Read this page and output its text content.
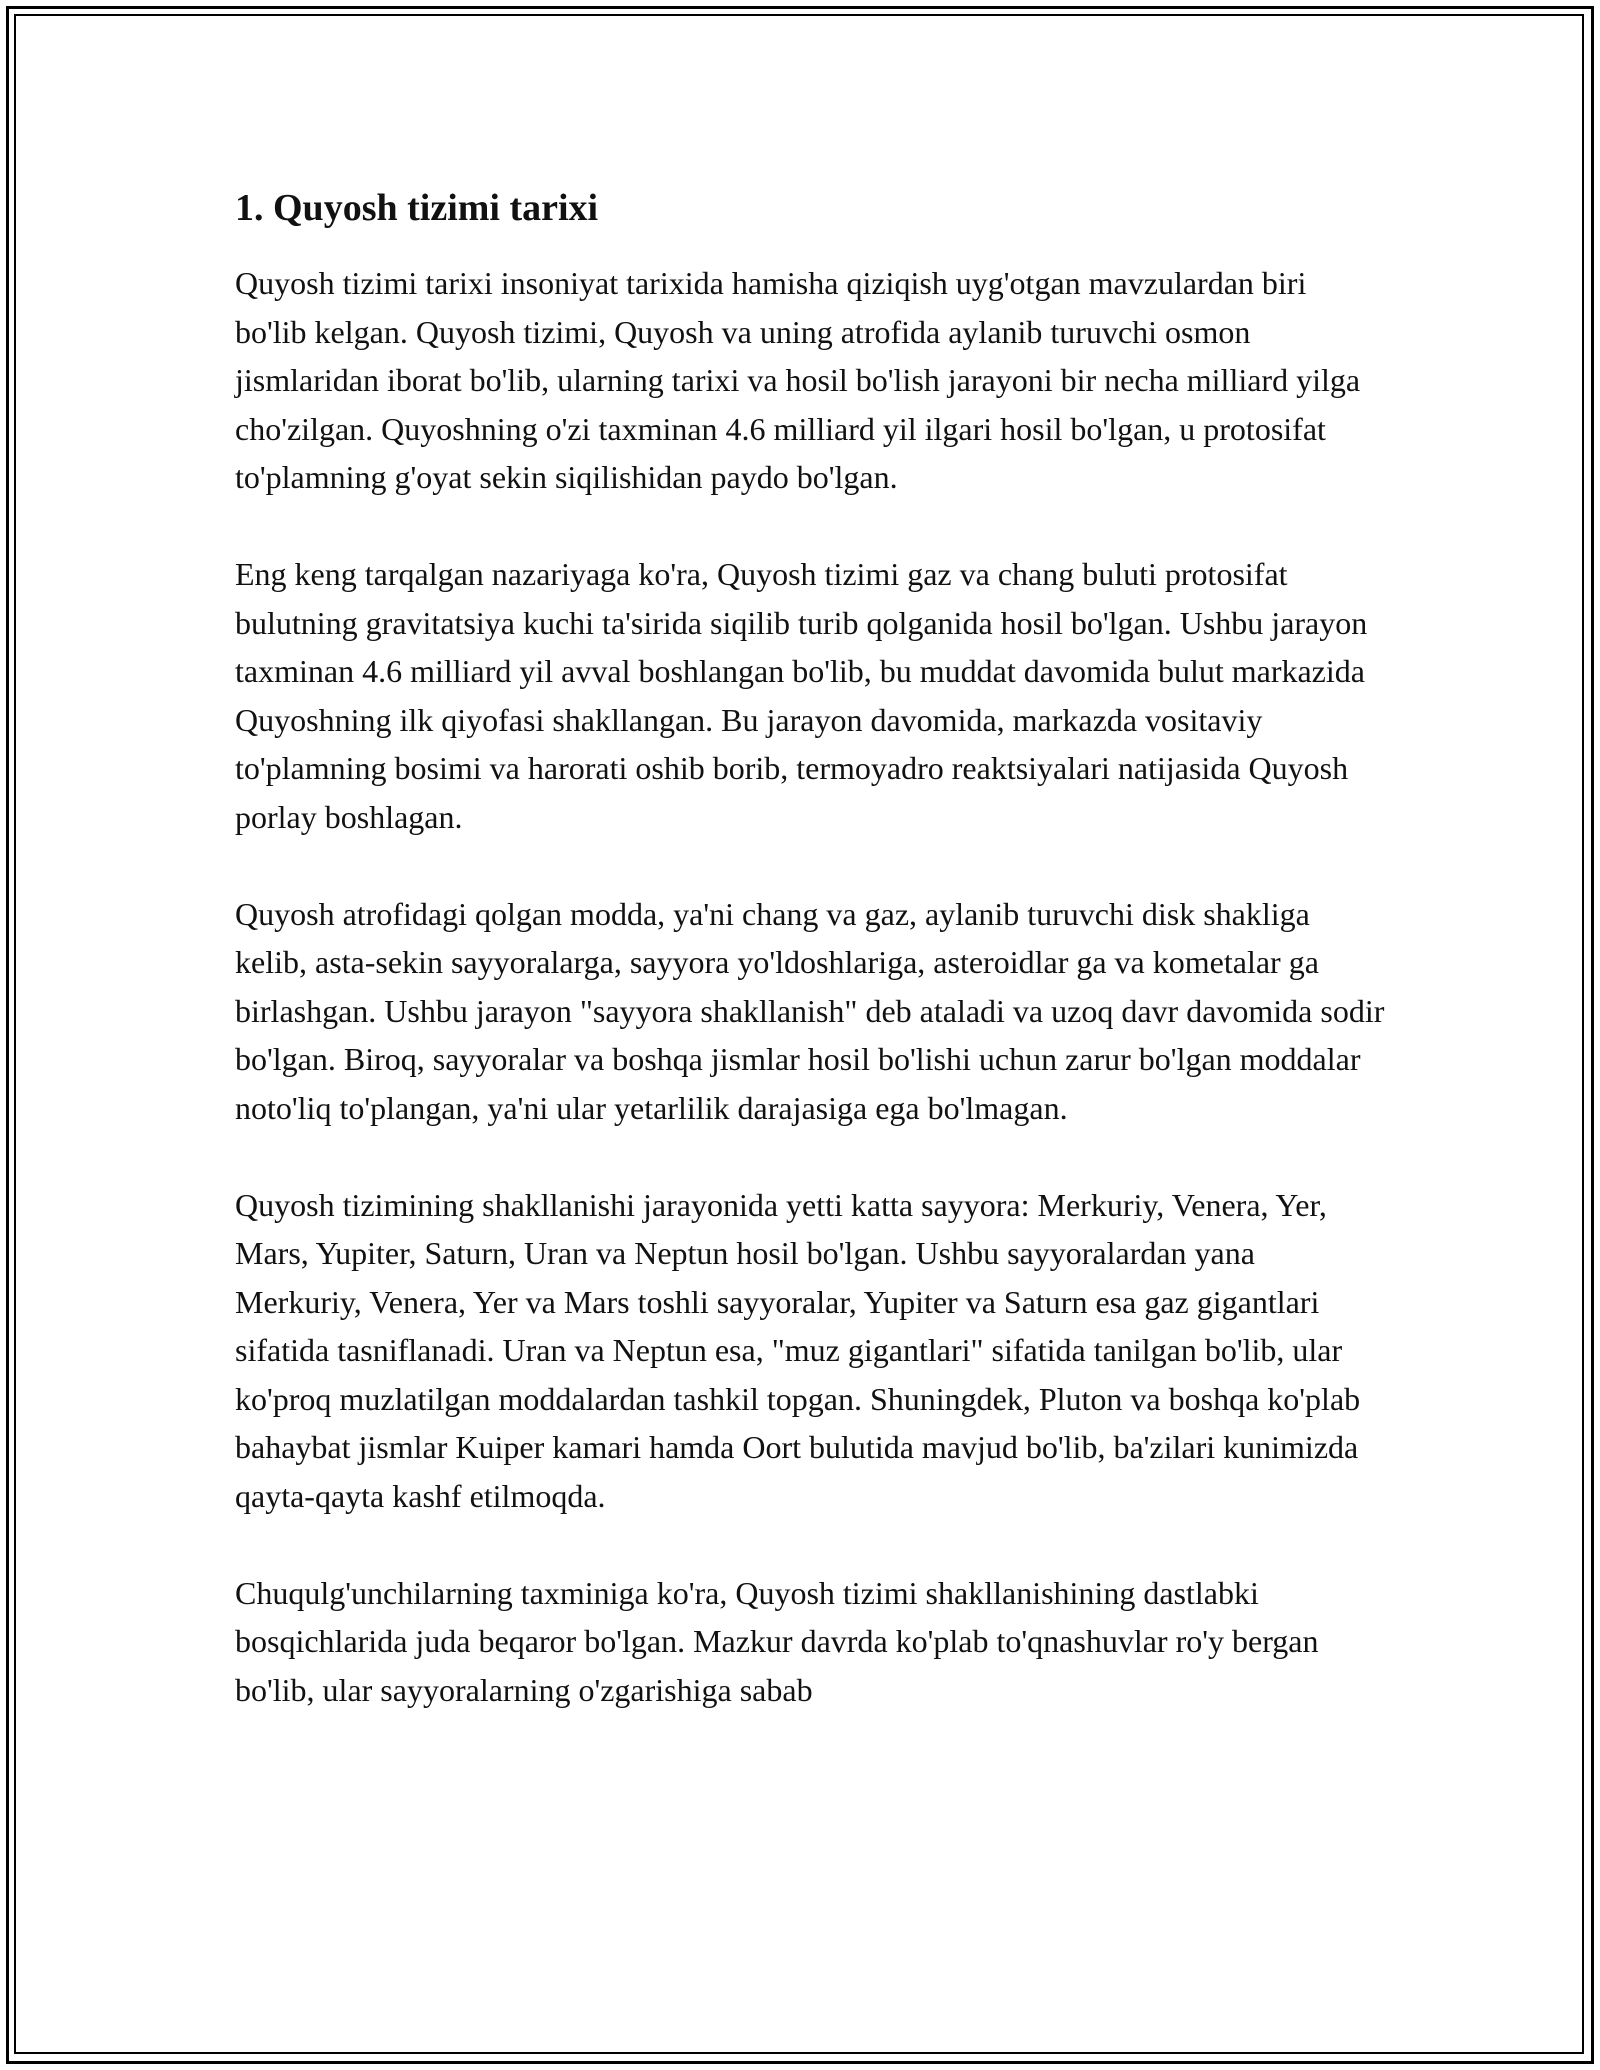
1. Quyosh tizimi tarixi

Quyosh tizimi tarixi insoniyat tarixida hamisha qiziqish uyg'otgan mavzulardan biri bo'lib kelgan. Quyosh tizimi, Quyosh va uning atrofida aylanib turuvchi osmon jismlaridan iborat bo'lib, ularning tarixi va hosil bo'lish jarayoni bir necha milliard yilga cho'zilgan. Quyoshning o'zi taxminan 4.6 milliard yil ilgari hosil bo'lgan, u protosifat to'plamning g'oyat sekin siqilishidan paydo bo'lgan.

Eng keng tarqalgan nazariyaga ko'ra, Quyosh tizimi gaz va chang buluti protosifat bulutning gravitatsiya kuchi ta'sirida siqilib turib qolganida hosil bo'lgan. Ushbu jarayon taxminan 4.6 milliard yil avval boshlangan bo'lib, bu muddat davomida bulut markazida Quyoshning ilk qiyofasi shakllangan. Bu jarayon davomida, markazda vositaviy to'plamning bosimi va harorati oshib borib, termoyadro reaktsiyalari natijasida Quyosh porlay boshlagan.

Quyosh atrofidagi qolgan modda, ya'ni chang va gaz, aylanib turuvchi disk shakliga kelib, asta-sekin sayyoralarga, sayyora yo'ldoshlariga, asteroidlar ga va kometalar ga birlashgan. Ushbu jarayon "sayyora shakllanish" deb ataladi va uzoq davr davomida sodir bo'lgan. Biroq, sayyoralar va boshqa jismlar hosil bo'lishi uchun zarur bo'lgan moddalar noto'liq to'plangan, ya'ni ular yetarlilik darajasiga ega bo'lmagan.

Quyosh tizimining shakllanishi jarayonida yetti katta sayyora: Merkuriy, Venera, Yer, Mars, Yupiter, Saturn, Uran va Neptun hosil bo'lgan. Ushbu sayyoralardan yana Merkuriy, Venera, Yer va Mars toshli sayyoralar, Yupiter va Saturn esa gaz gigantlari sifatida tasniflanadi. Uran va Neptun esa, "muz gigantlari" sifatida tanilgan bo'lib, ular ko'proq muzlatilgan moddalardan tashkil topgan. Shuningdek, Pluton va boshqa ko'plab bahaybat jismlar Kuiper kamari hamda Oort bulutida mavjud bo'lib, ba'zilari kunimizda qayta-qayta kashf etilmoqda.

Chuqulg'unchilarning taxminiga ko'ra, Quyosh tizimi shakllanishining dastlabki bosqichlarida juda beqaror bo'lgan. Mazkur davrda ko'plab to'qnashuvlar ro'y bergan bo'lib, ular sayyoralarning o'zgarishiga sabab
